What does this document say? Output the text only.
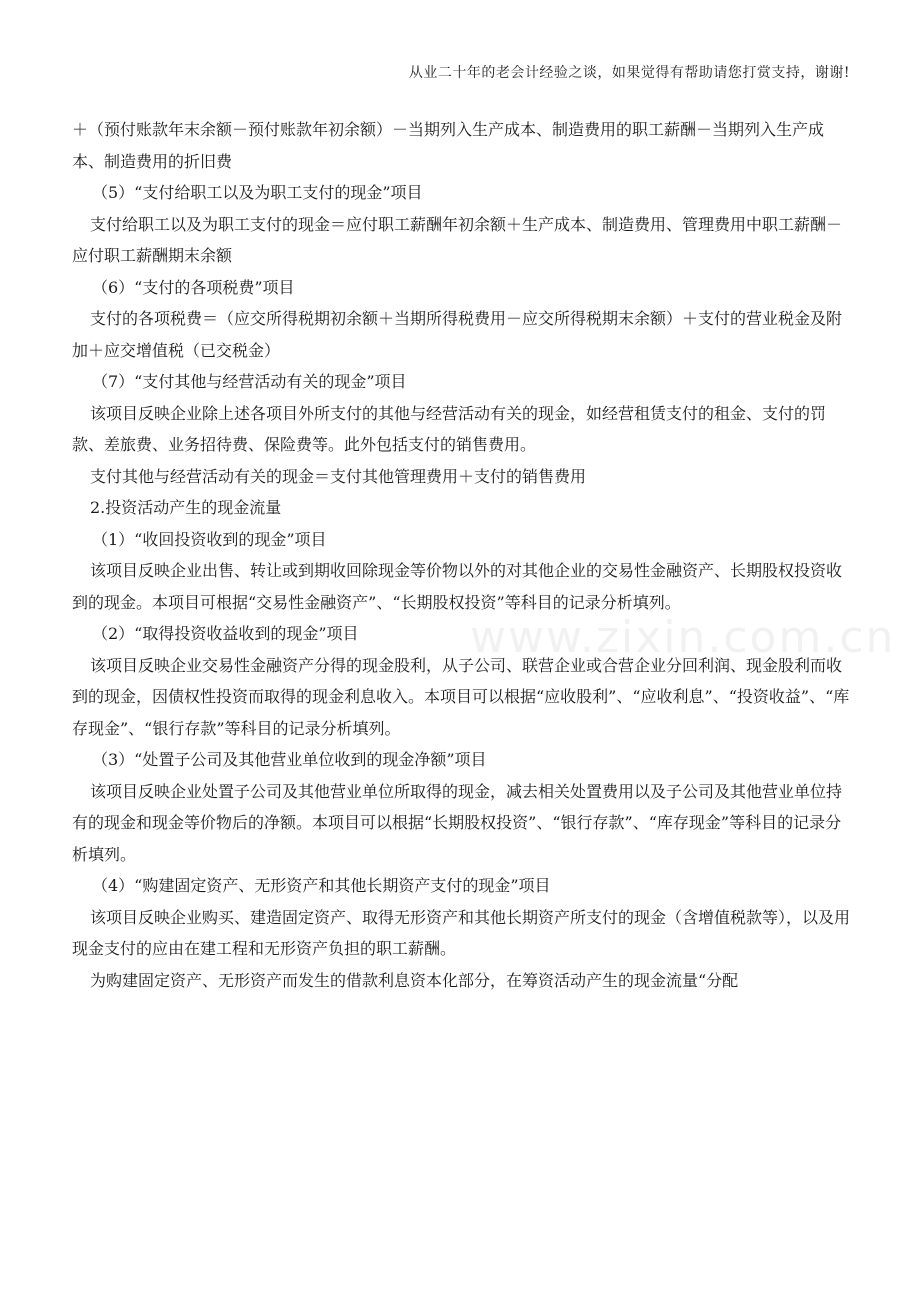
从业二十年的老会计经验之谈，如果觉得有帮助请您打赏支持，谢谢!
www.zixin.com.cn

＋（预付账款年末余额－预付账款年初余额）－当期列入生产成本、制造费用的职工薪酬－当期列入生产成本、制造费用的折旧费

（5）“支付给职工以及为职工支付的现金”项目

支付给职工以及为职工支付的现金＝应付职工薪酬年初余额＋生产成本、制造费用、管理费用中职工薪酬－应付职工薪酬期末余额

（6）“支付的各项税费”项目

支付的各项税费＝（应交所得税期初余额＋当期所得税费用－应交所得税期末余额）＋支付的营业税金及附加＋应交增值税（已交税金）

（7）“支付其他与经营活动有关的现金”项目

该项目反映企业除上述各项目外所支付的其他与经营活动有关的现金，如经营租赁支付的租金、支付的罚款、差旅费、业务招待费、保险费等。此外包括支付的销售费用。

支付其他与经营活动有关的现金＝支付其他管理费用＋支付的销售费用

2.投资活动产生的现金流量

（1）“收回投资收到的现金”项目

该项目反映企业出售、转让或到期收回除现金等价物以外的对其他企业的交易性金融资产、长期股权投资收到的现金。本项目可根据“交易性金融资产”、“长期股权投资”等科目的记录分析填列。

（2）“取得投资收益收到的现金”项目

该项目反映企业交易性金融资产分得的现金股利，从子公司、联营企业或合营企业分回利润、现金股利而收到的现金，因债权性投资而取得的现金利息收入。本项目可以根据“应收股利”、“应收利息”、“投资收益”、“库存现金”、“银行存款”等科目的记录分析填列。

（3）“处置子公司及其他营业单位收到的现金净额”项目

该项目反映企业处置子公司及其他营业单位所取得的现金，减去相关处置费用以及子公司及其他营业单位持有的现金和现金等价物后的净额。本项目可以根据“长期股权投资”、“银行存款”、“库存现金”等科目的记录分析填列。

（4）“购建固定资产、无形资产和其他长期资产支付的现金”项目

该项目反映企业购买、建造固定资产、取得无形资产和其他长期资产所支付的现金（含增值税款等），以及用现金支付的应由在建工程和无形资产负担的职工薪酬。

为购建固定资产、无形资产而发生的借款利息资本化部分，在筹资活动产生的现金流量“分配
